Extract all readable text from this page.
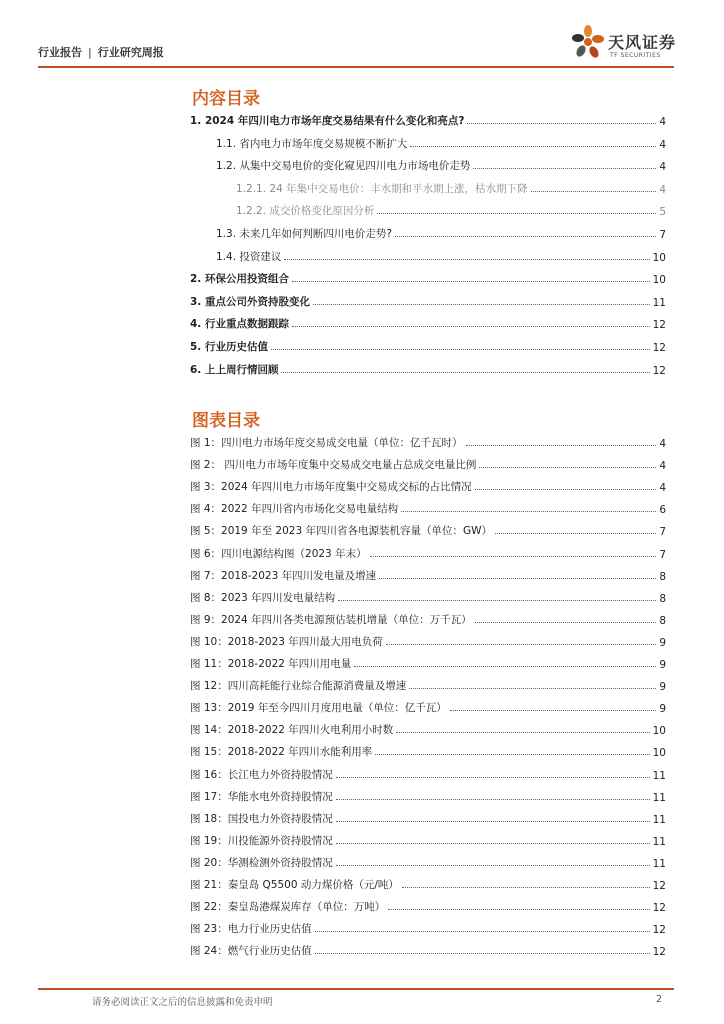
行业报告 | 行业研究周报
天风证券
TF SECURITIES
内容目录
1. 2024 年四川电力市场年度交易结果有什么变化和亮点?	4
1.1. 省内电力市场年度交易规模不断扩大	4
1.2. 从集中交易电价的变化窥见四川电力市场电价走势	4
1.2.1. 24 年集中交易电价：丰水期和平水期上涨，枯水期下降	4
1.2.2. 成交价格变化原因分析	5
1.3. 未来几年如何判断四川电价走势?	7
1.4. 投资建议	10
2. 环保公用投资组合	10
3. 重点公司外资持股变化	11
4. 行业重点数据跟踪	12
5. 行业历史估值	12
6. 上上周行情回顾	12
图表目录
图 1：四川电力市场年度交易成交电量（单位：亿千瓦时）	4
图 2： 四川电力市场年度集中交易成交电量占总成交电量比例	4
图 3：2024 年四川电力市场年度集中交易成交标的占比情况	4
图 4：2022 年四川省内市场化交易电量结构	6
图 5：2019 年至 2023 年四川省各电源装机容量（单位：GW）	7
图 6：四川电源结构图（2023 年末）	7
图 7：2018-2023 年四川发电量及增速	8
图 8：2023 年四川发电量结构	8
图 9：2024 年四川各类电源预估装机增量（单位：万千瓦）	8
图 10：2018-2023 年四川最大用电负荷	9
图 11：2018-2022 年四川用电量	9
图 12：四川高耗能行业综合能源消费量及增速	9
图 13：2019 年至今四川月度用电量（单位：亿千瓦）	9
图 14：2018-2022 年四川火电利用小时数	10
图 15：2018-2022 年四川水能利用率	10
图 16：长江电力外资持股情况	11
图 17：华能水电外资持股情况	11
图 18：国投电力外资持股情况	11
图 19：川投能源外资持股情况	11
图 20：华测检测外资持股情况	11
图 21：秦皇岛 Q5500 动力煤价格（元/吨）	12
图 22：秦皇岛港煤炭库存（单位：万吨）	12
图 23：电力行业历史估值	12
图 24：燃气行业历史估值	12
请务必阅读正文之后的信息披露和免责申明	2
